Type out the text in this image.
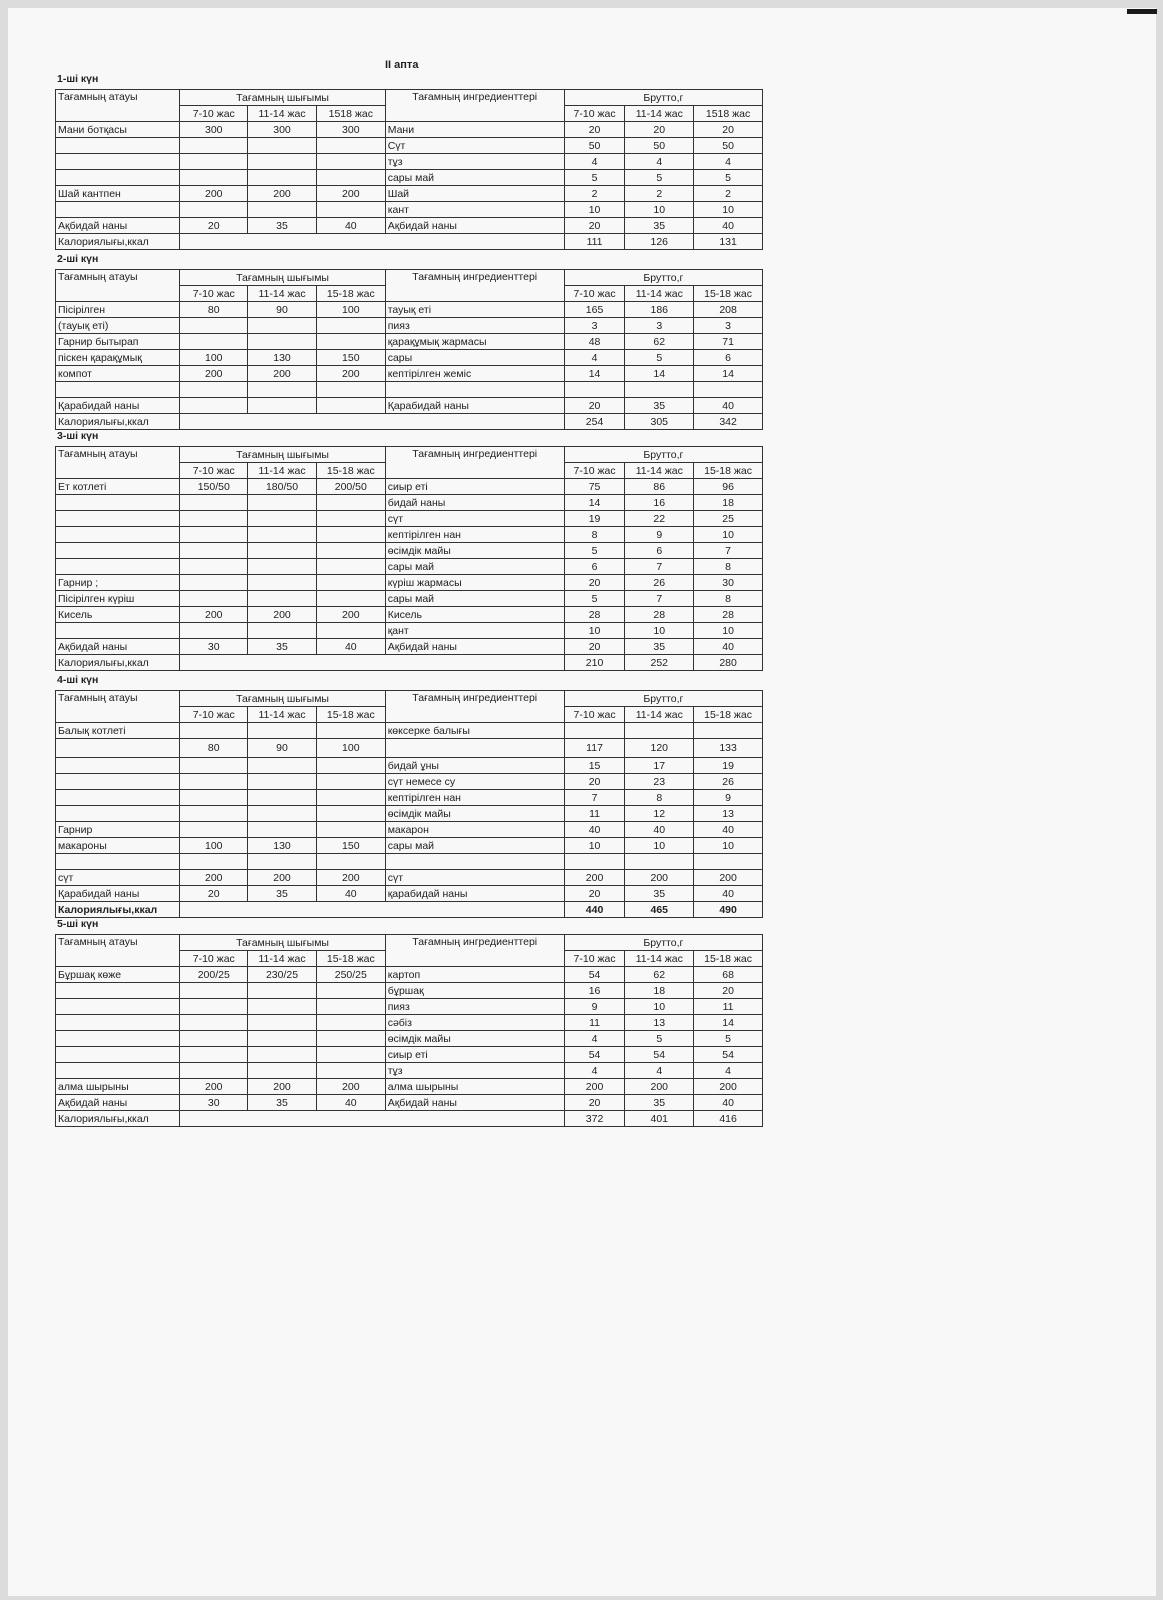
II апта
1-ші күн
Тағамның атауы	Тағамның шығымы			Тағамның ингредиенттері	Брутто,г		
	7-10 жас	11-14 жас	1518 жас		7-10 жас	11-14 жас	1518 жас
Мани ботқасы	300	300	300	Мани	20	20	20
				Сүт	50	50	50
				тұз	4	4	4
				сары май	5	5	5
Шай кантпен	200	200	200	Шай	2	2	2
				кант	10	10	10
Ақбидай наны	20	35	40	Ақбидай наны	20	35	40
Калориялығы,ккал					111	126	131
2-ші күн
Тағамның атауы	Тағамның шығымы			Тағамның ингредиенттері	Брутто,г		
	7-10 жас	11-14 жас	15-18 жас		7-10 жас	11-14 жас	15-18 жас
Пісірілген	80	90	100	тауық еті	165	186	208
(тауық еті)				пияз	3	3	3
Гарнир бытырап				қарақұмық жармасы	48	62	71
піскен қарақұмық	100	130	150	сары	4	5	6
компот	200	200	200	кептірілген жеміс	14	14	14

Қарабидай наны				Қарабидай наны	20	35	40
Калориялығы,ккал					254	305	342
3-ші күн
Тағамның атауы	Тағамның шығымы			Тағамның ингредиенттері	Брутто,г		
	7-10 жас	11-14 жас	15-18 жас		7-10 жас	11-14 жас	15-18 жас
Ет котлеті	150/50	180/50	200/50	сиыр еті	75	86	96
				бидай наны	14	16	18
				сүт	19	22	25
				кептірілген нан	8	9	10
				өсімдік майы	5	6	7
				сары май	6	7	8
Гарнир ;				күріш жармасы	20	26	30
Пісірілген күріш				сары май	5	7	8
Кисель	200	200	200	Кисель	28	28	28
				қант	10	10	10
Ақбидай наны	30	35	40	Ақбидай наны	20	35	40
Калориялығы,ккал					210	252	280
4-ші күн
Тағамның атауы	Тағамның шығымы			Тағамның ингредиенттері	Брутто,г		
	7-10 жас	11-14 жас	15-18 жас		7-10 жас	11-14 жас	15-18 жас
Балық котлеті				көксерке балығы			
	80	90	100		117	120	133
				бидай ұны	15	17	19
				сүт немесе су	20	23	26
				кептірілген нан	7	8	9
				өсімдік майы	11	12	13
Гарнир				макарон	40	40	40
макароны	100	130	150	сары май	10	10	10

сүт	200	200	200	сүт	200	200	200
Қарабидай наны	20	35	40	қарабидай наны	20	35	40
Калориялығы,ккал					440	465	490
5-ші күн
Тағамның атауы	Тағамның шығымы			Тағамның ингредиенттері	Брутто,г		
	7-10 жас	11-14 жас	15-18 жас		7-10 жас	11-14 жас	15-18 жас
Бұршақ көже	200/25	230/25	250/25	картоп	54	62	68
				бұршақ	16	18	20
				пияз	9	10	11
				сәбіз	11	13	14
				өсімдік майы	4	5	5
				сиыр еті	54	54	54
				тұз	4	4	4
алма шырыны	200	200	200	алма шырыны	200	200	200
Ақбидай наны	30	35	40	Ақбидай наны	20	35	40
Калориялығы,ккал					372	401	416
